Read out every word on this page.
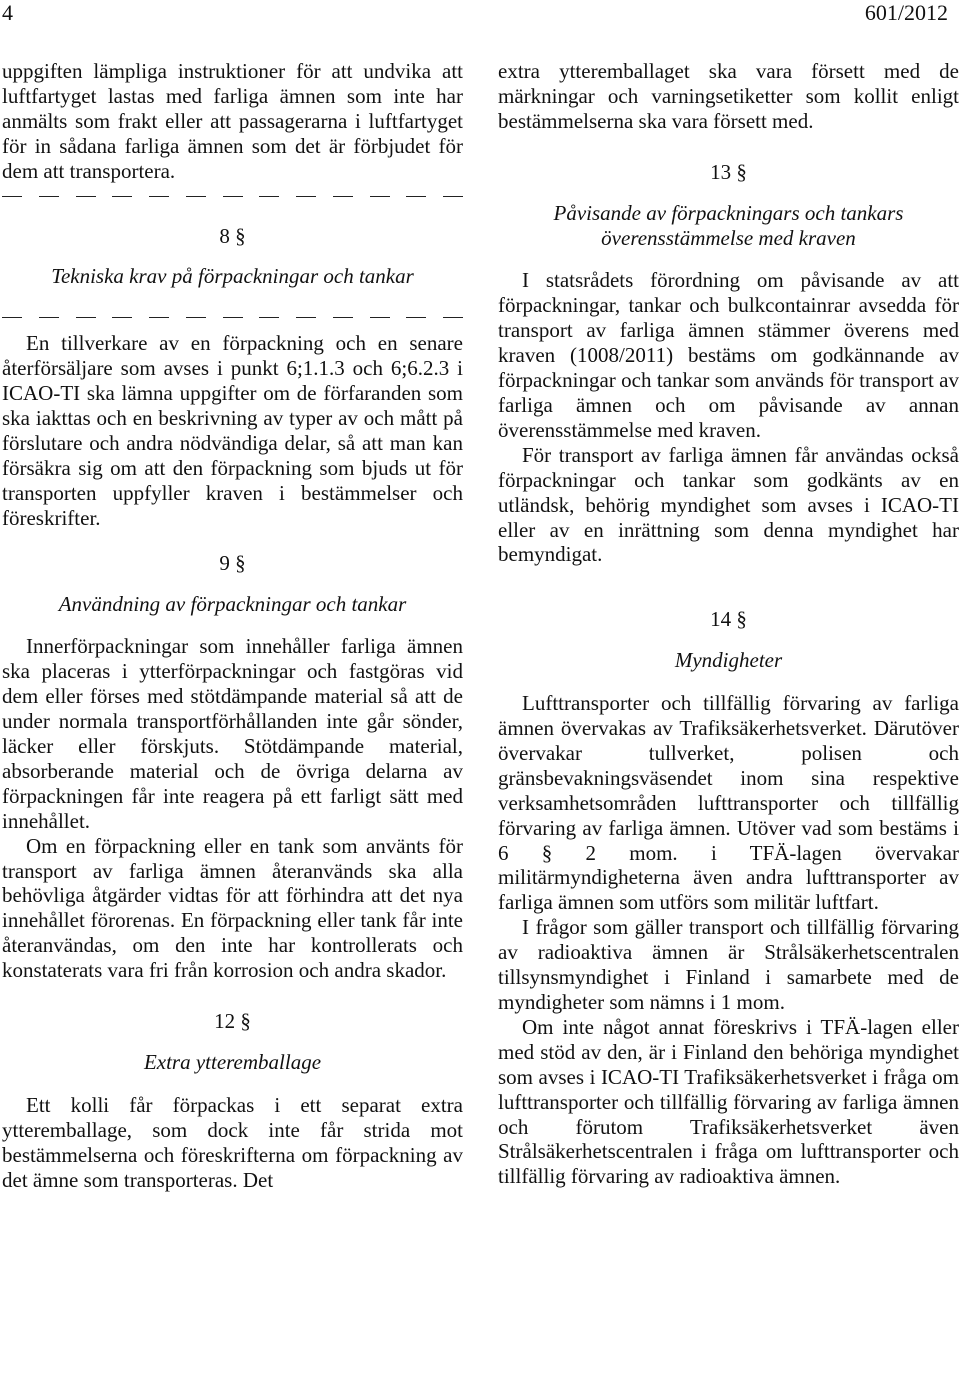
4	601/2012

uppgiften lämpliga instruktioner för att undvika att luftfartyget lastas med farliga ämnen som inte har anmälts som frakt eller att passagerarna i luftfartyget för in sådana farliga ämnen som det är förbjudet för dem att transportera.

8 §
Tekniska krav på förpackningar och tankar

En tillverkare av en förpackning och en senare återförsäljare som avses i punkt 6;1.1.3 och 6;6.2.3 i ICAO-TI ska lämna uppgifter om de förfaranden som ska iakttas och en beskrivning av typer av och mått på förslutare och andra nödvändiga delar, så att man kan försäkra sig om att den förpackning som bjuds ut för transporten uppfyller kraven i bestämmelser och föreskrifter.

9 §
Användning av förpackningar och tankar

Innerförpackningar som innehåller farliga ämnen ska placeras i ytterförpackningar och fastgöras vid dem eller förses med stötdämpande material så att de under normala transportförhållanden inte går sönder, läcker eller förskjuts. Stötdämpande material, absorberande material och de övriga delarna av förpackningen får inte reagera på ett farligt sätt med innehållet.

Om en förpackning eller en tank som använts för transport av farliga ämnen återanvänds ska alla behövliga åtgärder vidtas för att förhindra att det nya innehållet förorenas. En förpackning eller tank får inte återanvändas, om den inte har kontrollerats och konstaterats vara fri från korrosion och andra skador.

12 §
Extra ytteremballage

Ett kolli får förpackas i ett separat extra ytteremballage, som dock inte får strida mot bestämmelserna och föreskrifterna om förpackning av det ämne som transporteras. Det

extra ytteremballaget ska vara försett med de märkningar och varningsetiketter som kollit enligt bestämmelserna ska vara försett med.

13 §
Påvisande av förpackningars och tankars överensstämmelse med kraven

I statsrådets förordning om påvisande av att förpackningar, tankar och bulkcontainrar avsedda för transport av farliga ämnen stämmer överens med kraven (1008/2011) bestäms om godkännande av förpackningar och tankar som används för transport av farliga ämnen och om påvisande av annan överensstämmelse med kraven.

För transport av farliga ämnen får användas också förpackningar och tankar som godkänts av en utländsk, behörig myndighet som avses i ICAO-TI eller av en inrättning som denna myndighet har bemyndigat.

14 §
Myndigheter

Lufttransporter och tillfällig förvaring av farliga ämnen övervakas av Trafiksäkerhetsverket. Därutöver övervakar tullverket, polisen och gränsbevakningsväsendet inom sina respektive verksamhetsområden lufttransporter och tillfällig förvaring av farliga ämnen. Utöver vad som bestäms i 6 § 2 mom. i TFÄ-lagen övervakar militärmyndigheterna även andra lufttransporter av farliga ämnen som utförs som militär luftfart.

I frågor som gäller transport och tillfällig förvaring av radioaktiva ämnen är Strålsäkerhetscentralen tillsynsmyndighet i Finland i samarbete med de myndigheter som nämns i 1 mom.

Om inte något annat föreskrivs i TFÄ-lagen eller med stöd av den, är i Finland den behöriga myndighet som avses i ICAO-TI Trafiksäkerhetsverket i fråga om lufttransporter och tillfällig förvaring av farliga ämnen och förutom Trafiksäkerhetsverket även Strålsäkerhetscentralen i fråga om lufttransporter och tillfällig förvaring av radioaktiva ämnen.
